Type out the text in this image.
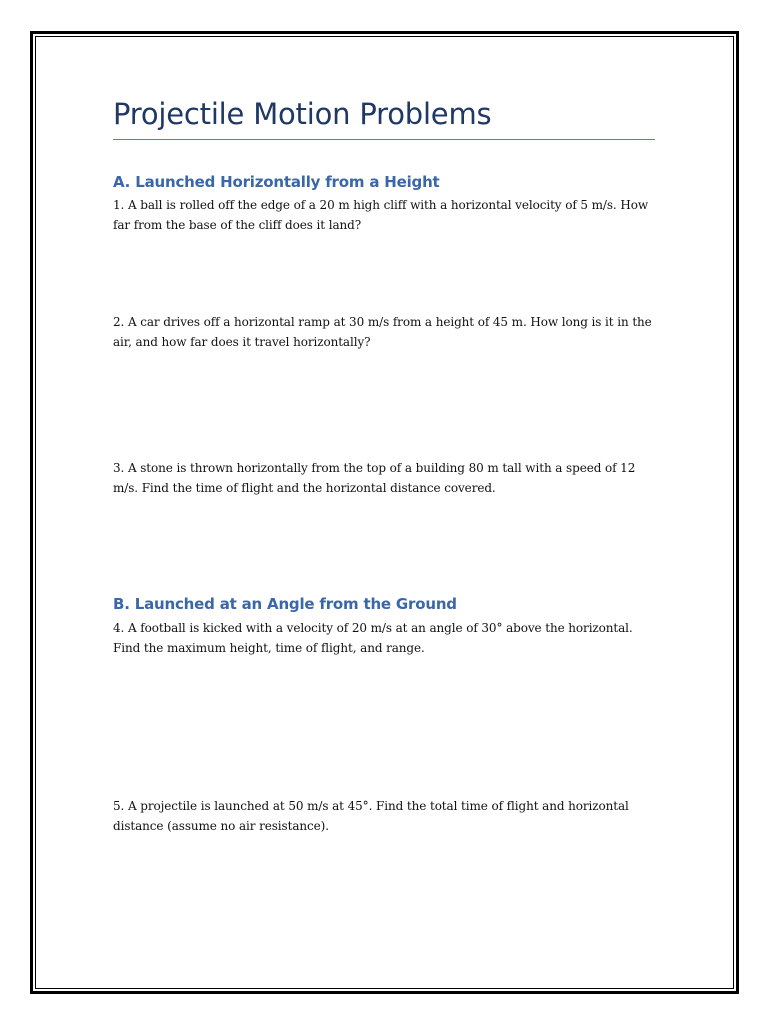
Projectile Motion Problems
A. Launched Horizontally from a Height

1. A ball is rolled off the edge of a 20 m high cliff with a horizontal velocity of 5 m/s. How far from the base of the cliff does it land?

2. A car drives off a horizontal ramp at 30 m/s from a height of 45 m. How long is it in the air, and how far does it travel horizontally?

3. A stone is thrown horizontally from the top of a building 80 m tall with a speed of 12 m/s. Find the time of flight and the horizontal distance covered.

B. Launched at an Angle from the Ground

4. A football is kicked with a velocity of 20 m/s at an angle of 30° above the horizontal. Find the maximum height, time of flight, and range.

5. A projectile is launched at 50 m/s at 45°. Find the total time of flight and horizontal distance (assume no air resistance).
